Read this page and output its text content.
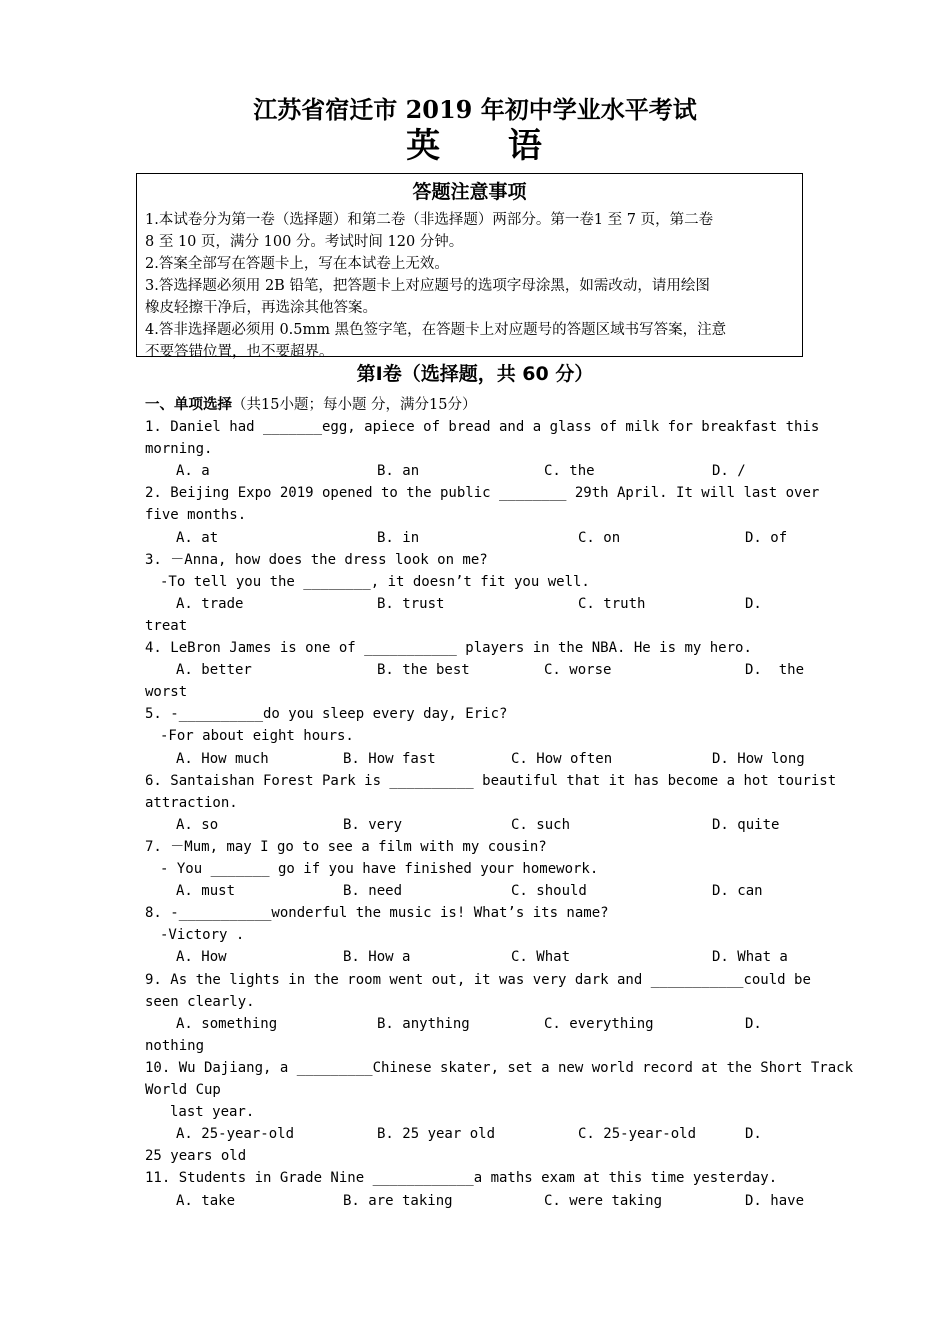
江苏省宿迁市 2019 年初中学业水平考试
英 语
答题注意事项
1.本试卷分为第一卷（选择题）和第二卷（非选择题）两部分。第一卷1 至 7 页，第二卷
8 至 10 页，满分 100 分。考试时间 120 分钟。
2.答案全部写在答题卡上，写在本试卷上无效。
3.答选择题必须用 2B 铅笔，把答题卡上对应题号的选项字母涂黑，如需改动，请用绘图
橡皮轻擦干净后，再选涂其他答案。
4.答非选择题必须用 0.5mm 黑色签字笔，在答题卡上对应题号的答题区域书写答案，注意
不要答错位置，也不要超界。
第Ⅰ卷（选择题，共 60 分）
一、单项选择（共15小题；每小题 分，满分15分）
1. Daniel had _______egg, apiece of bread and a glass of milk for breakfast this
morning.
A. a	B. an	C. the	D. /
2. Beijing Expo 2019 opened to the public ________ 29th April. It will last over
five months.
A. at	B. in	C. on	D. of
3. －Anna, how does the dress look on me?
-To tell you the ________, it doesn’t fit you well.
A. trade	B. trust	C. truth	D.
treat
4. LeBron James is one of ___________ players in the NBA. He is my hero.
A. better	B. the best	C. worse	D.  the
worst
5. -__________do you sleep every day, Eric?
-For about eight hours.
A. How much	B. How fast	C. How often	D. How long
6. Santaishan Forest Park is __________ beautiful that it has become a hot tourist
attraction.
A. so	B. very	C. such	D. quite
7. －Mum, may I go to see a film with my cousin?
- You _______ go if you have finished your homework.
A. must	B. need	C. should	D. can
8. -___________wonderful the music is! What’s its name?
-Victory .
A. How	B. How a	C. What	D. What a
9. As the lights in the room went out, it was very dark and ___________could be
seen clearly.
A. something	B. anything	C. everything	D.
nothing
10. Wu Dajiang, a _________Chinese skater, set a new world record at the Short Track
World Cup
last year.
A. 25-year-old	B. 25 year old	C. 25-year-old	D.
25 years old
11. Students in Grade Nine ____________a maths exam at this time yesterday.
A. take	B. are taking	C. were taking	D. have
